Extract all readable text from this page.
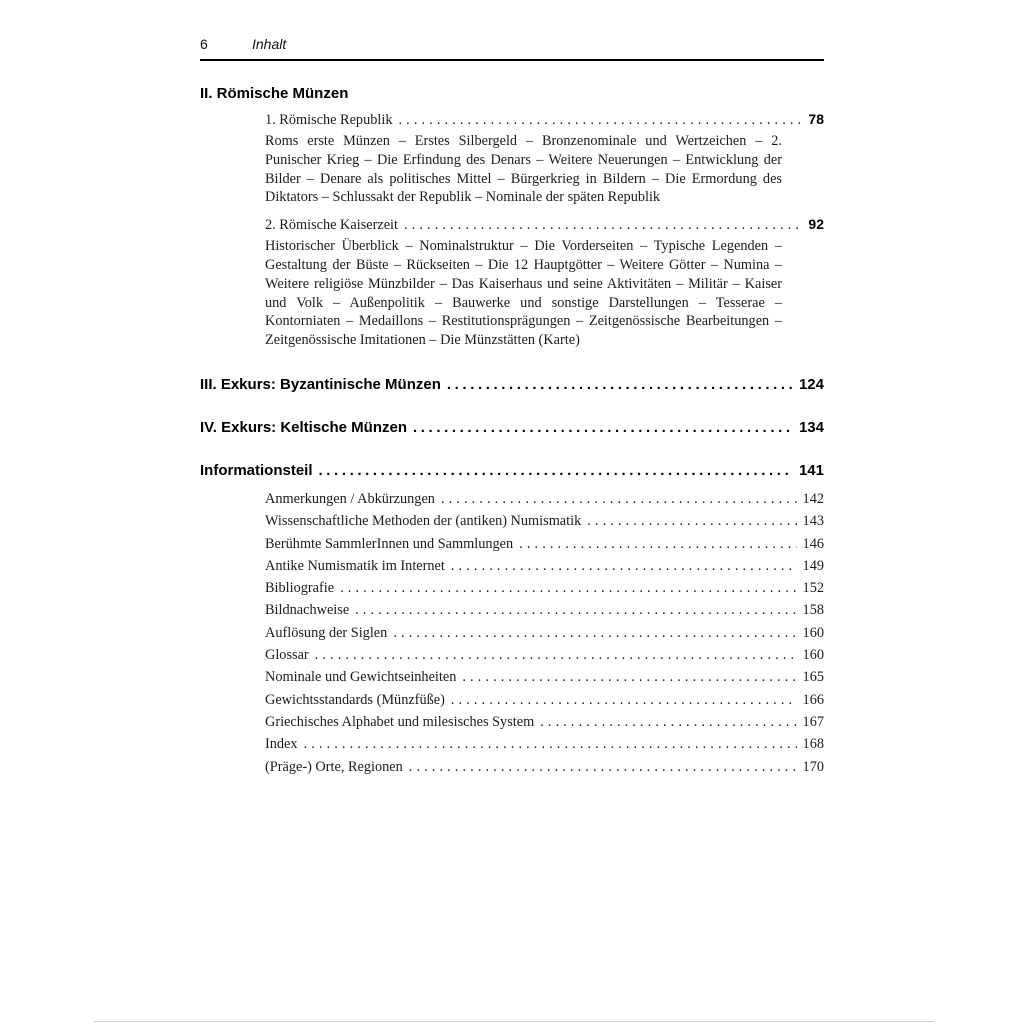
6	Inhalt
II. Römische Münzen
1. Römische Republik .....	78

Roms erste Münzen – Erstes Silbergeld – Bronzenominale und Wertzeichen – 2. Punischer Krieg – Die Erfindung des Denars – Weitere Neuerungen – Entwicklung der Bilder – Denare als politisches Mittel – Bürgerkrieg in Bildern – Die Ermordung des Diktators – Schlussakt der Republik – Nominale der späten Republik

2. Römische Kaiserzeit .....	92

Historischer Überblick – Nominalstruktur – Die Vorderseiten – Typische Legenden – Gestaltung der Büste – Rückseiten – Die 12 Hauptgötter – Weitere Götter – Numina – Weitere religiöse Münzbilder – Das Kaiserhaus und seine Aktivitäten – Militär – Kaiser und Volk – Außenpolitik – Bauwerke und sonstige Darstellungen – Tesserae – Kontorniaten – Medaillons – Restitutionsprägungen – Zeitgenössische Bearbeitungen – Zeitgenössische Imitationen – Die Münzstätten (Karte)

III. Exkurs: Byzantinische Münzen .....	124
IV. Exkurs: Keltische Münzen .....	134
Informationsteil .....	141
Anmerkungen / Abkürzungen .....	142
Wissenschaftliche Methoden der (antiken) Numismatik .....	143
Berühmte SammlerInnen und Sammlungen .....	146
Antike Numismatik im Internet .....	149
Bibliografie .....	152
Bildnachweise .....	158
Auflösung der Siglen .....	160
Glossar .....	160
Nominale und Gewichtseinheiten .....	165
Gewichtsstandards (Münzfüße) .....	166
Griechisches Alphabet und milesisches System .....	167
Index .....	168
(Präge-) Orte, Regionen .....	170
